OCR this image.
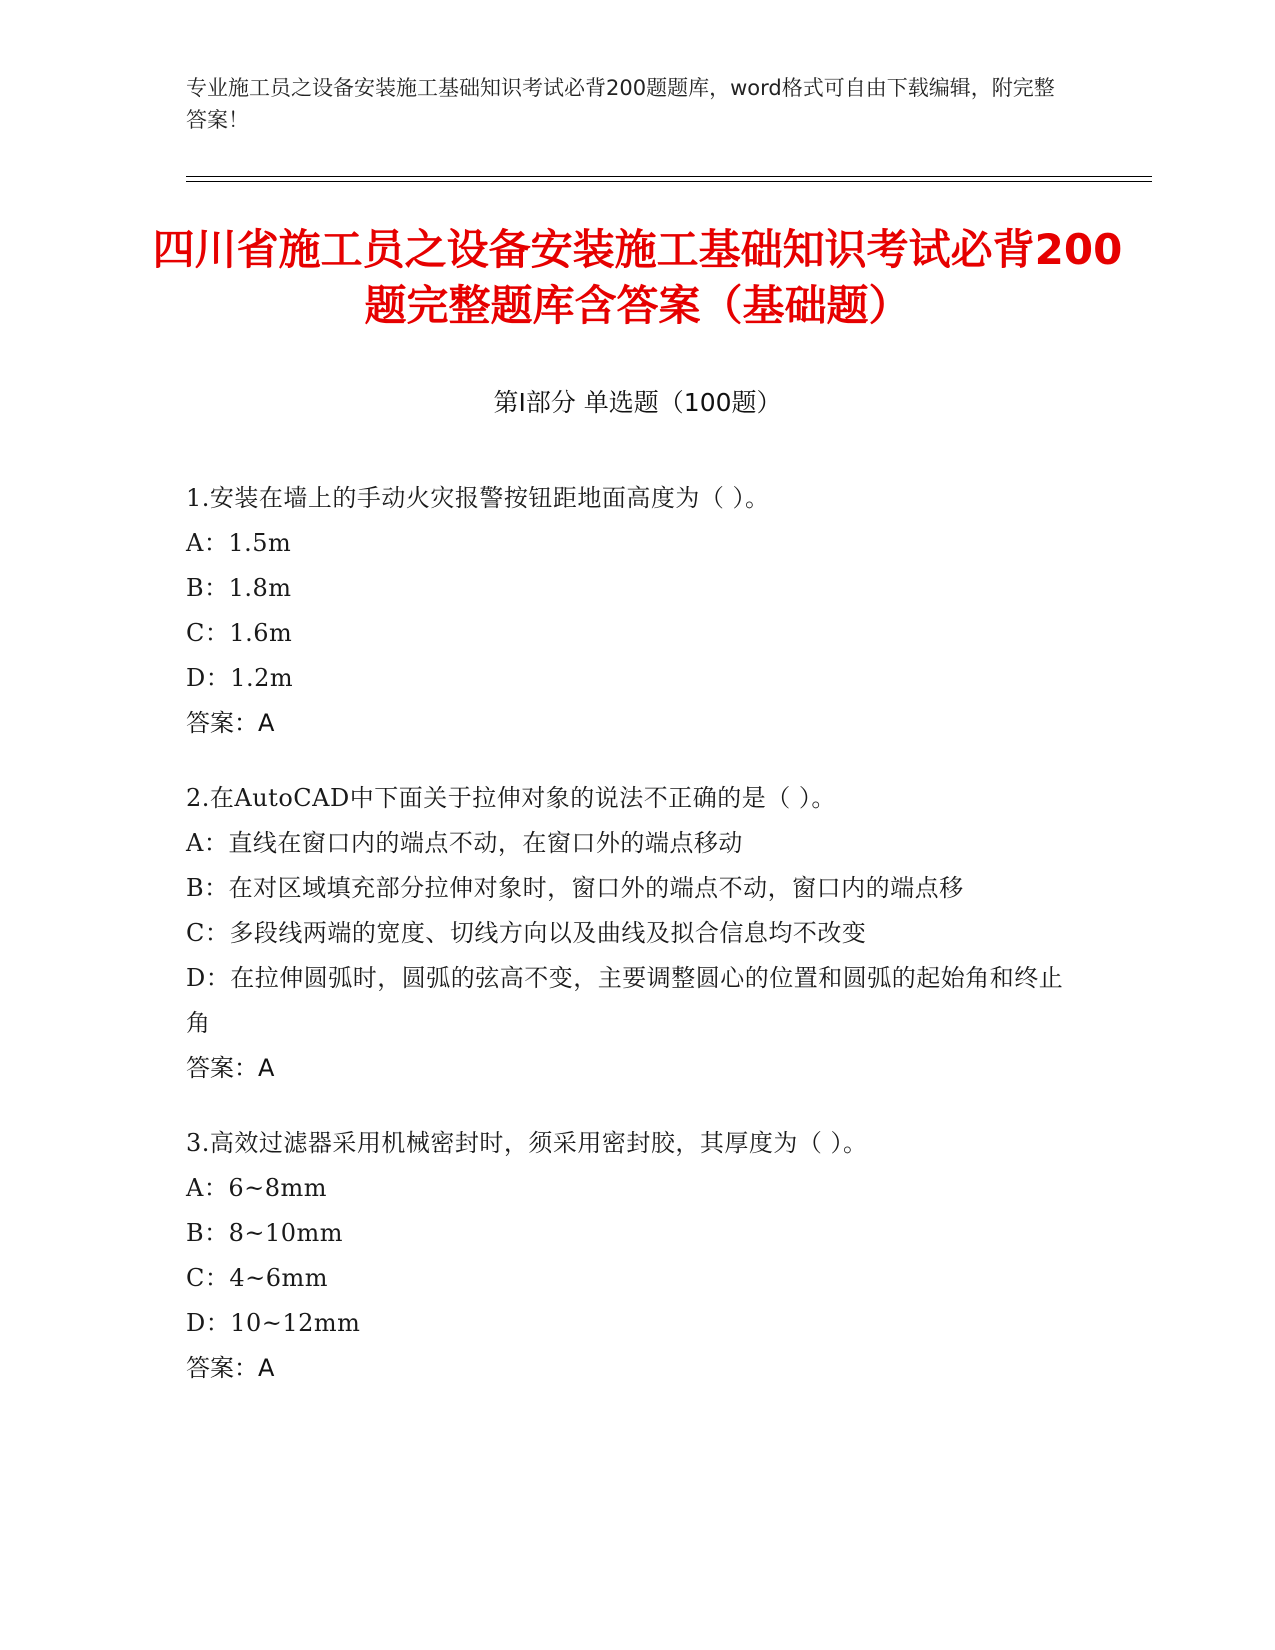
专业施工员之设备安装施工基础知识考试必背200题题库，word格式可自由下载编辑，附完整答案！
四川省施工员之设备安装施工基础知识考试必背200题完整题库含答案（基础题）
第Ⅰ部分 单选题（100题）
1.安装在墙上的手动火灾报警按钮距地面高度为（ ）。
A：1.5m
B：1.8m
C：1.6m
D：1.2m
答案：A
2.在AutoCAD中下面关于拉伸对象的说法不正确的是（ ）。
A：直线在窗口内的端点不动，在窗口外的端点移动
B：在对区域填充部分拉伸对象时，窗口外的端点不动，窗口内的端点移
C：多段线两端的宽度、切线方向以及曲线及拟合信息均不改变
D：在拉伸圆弧时，圆弧的弦高不变，主要调整圆心的位置和圆弧的起始角和终止角
答案：A
3.高效过滤器采用机械密封时，须采用密封胶，其厚度为（ ）。
A：6~8mm
B：8~10mm
C：4~6mm
D：10~12mm
答案：A
